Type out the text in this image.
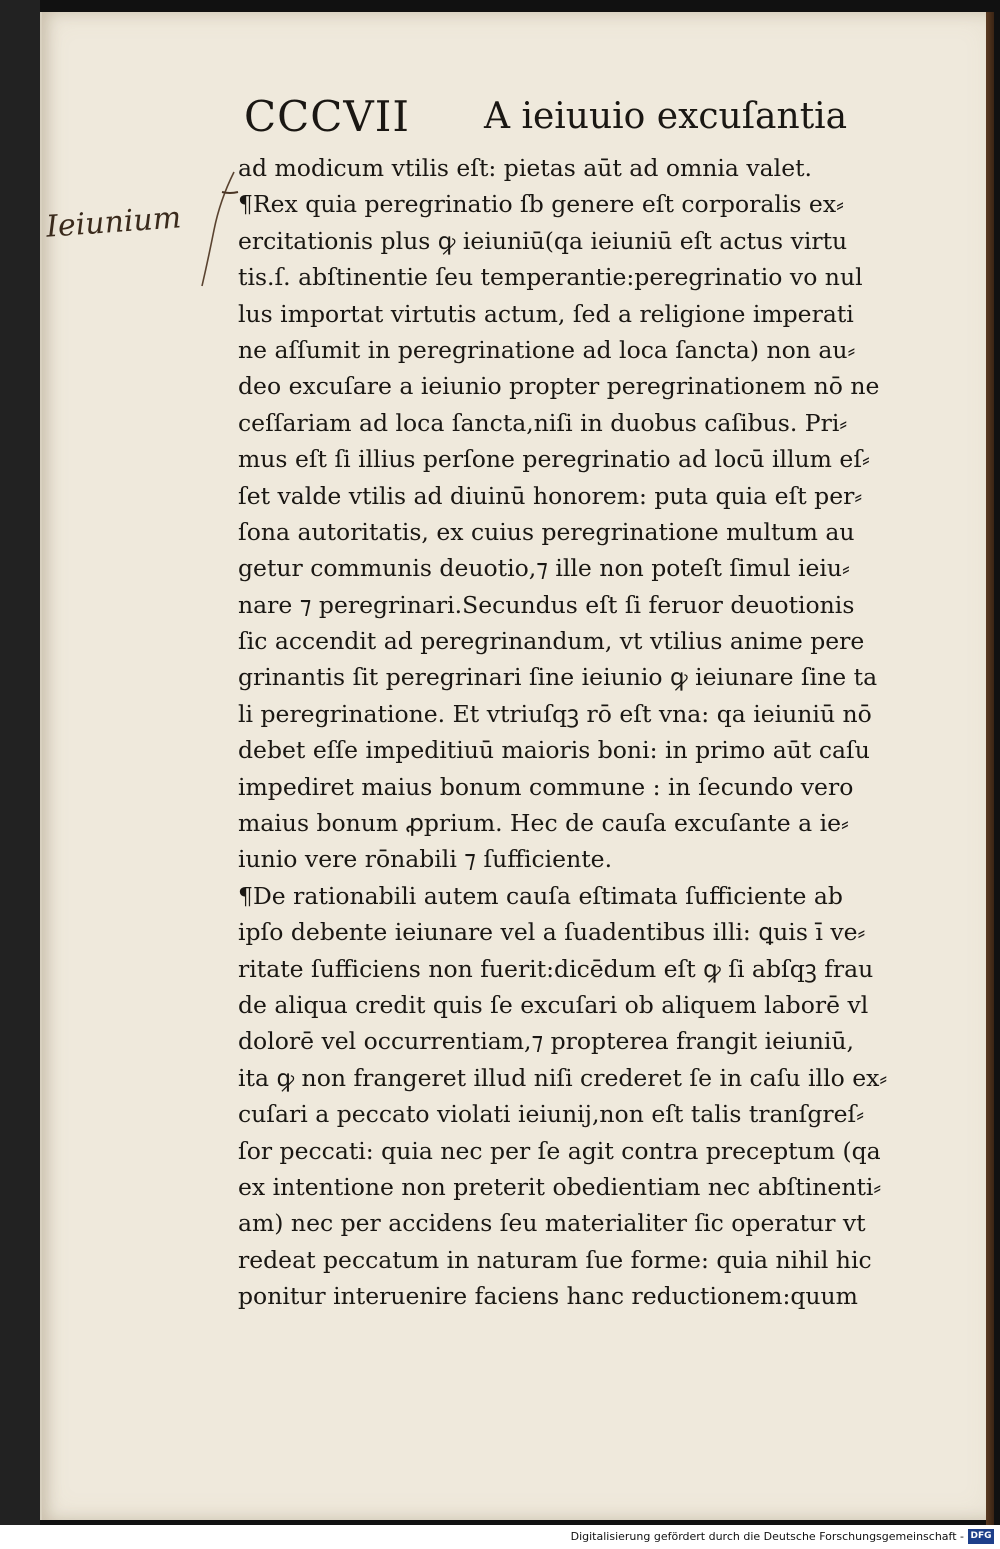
CCCVII A ieiuuio excuſantia
Ieiunium
ad modicum vtilis eſt: pietas aūt ad omnia valet.
¶Rex quia peregrinatio ſb genere eſt corporalis ex⸗
ercitationis plus ꝙ ieiuniū(qa ieiuniū eſt actus virtu
tis.ſ. abſtinentie ſeu temperantie:peregrinatio vo nul
lus importat virtutis actum, ſed a religione imperati
ne aſſumit in peregrinatione ad loca ſancta) non au⸗
deo excuſare a ieiunio propter peregrinationem nō ne
ceſſariam ad loca ſancta,niſi in duobus caſibus. Pri⸗
mus eſt ſi illius perſone peregrinatio ad locū illum eſ⸗
ſet valde vtilis ad diuinū honorem: puta quia eſt per⸗
ſona autoritatis, ex cuius peregrinatione multum au
getur communis deuotio,⁊ ille non poteſt ſimul ieiu⸗
nare ⁊ peregrinari.Secundus eſt ſi feruor deuotionis
ſic accendit ad peregrinandum, vt vtilius anime pere
grinantis ſit peregrinari ſine ieiunio ꝙ ieiunare ſine ta
li peregrinatione. Et vtriuſqꝫ rō eſt vna: qa ieiuniū nō
debet eſſe impeditiuū maioris boni: in primo aūt caſu
impediret maius bonum commune : in ſecundo vero
maius bonum ꝓprium. Hec de cauſa excuſante a ie⸗
iunio vere rōnabili ⁊ ſufficiente.
¶De rationabili autem cauſa eſtimata ſufficiente ab
ipſo debente ieiunare vel a ſuadentibus illi: ꝗuis ī ve⸗
ritate ſufficiens non fuerit:dicēdum eſt ꝙ ſi abſqꝫ frau
de aliqua credit quis ſe excuſari ob aliquem laborē vl
dolorē vel occurrentiam,⁊ propterea frangit ieiuniū,
ita ꝙ non frangeret illud niſi crederet ſe in caſu illo ex⸗
cuſari a peccato violati ieiunij,non eſt talis tranſgreſ⸗
ſor peccati: quia nec per ſe agit contra preceptum (qa
ex intentione non preterit obedientiam nec abſtinenti⸗
am) nec per accidens ſeu materialiter ſic operatur vt
redeat peccatum in naturam ſue forme: quia nihil hic
ponitur interuenire faciens hanc reductionem:quum
Digitalisierung gefördert durch die Deutsche Forschungsgemeinschaft - DFG
